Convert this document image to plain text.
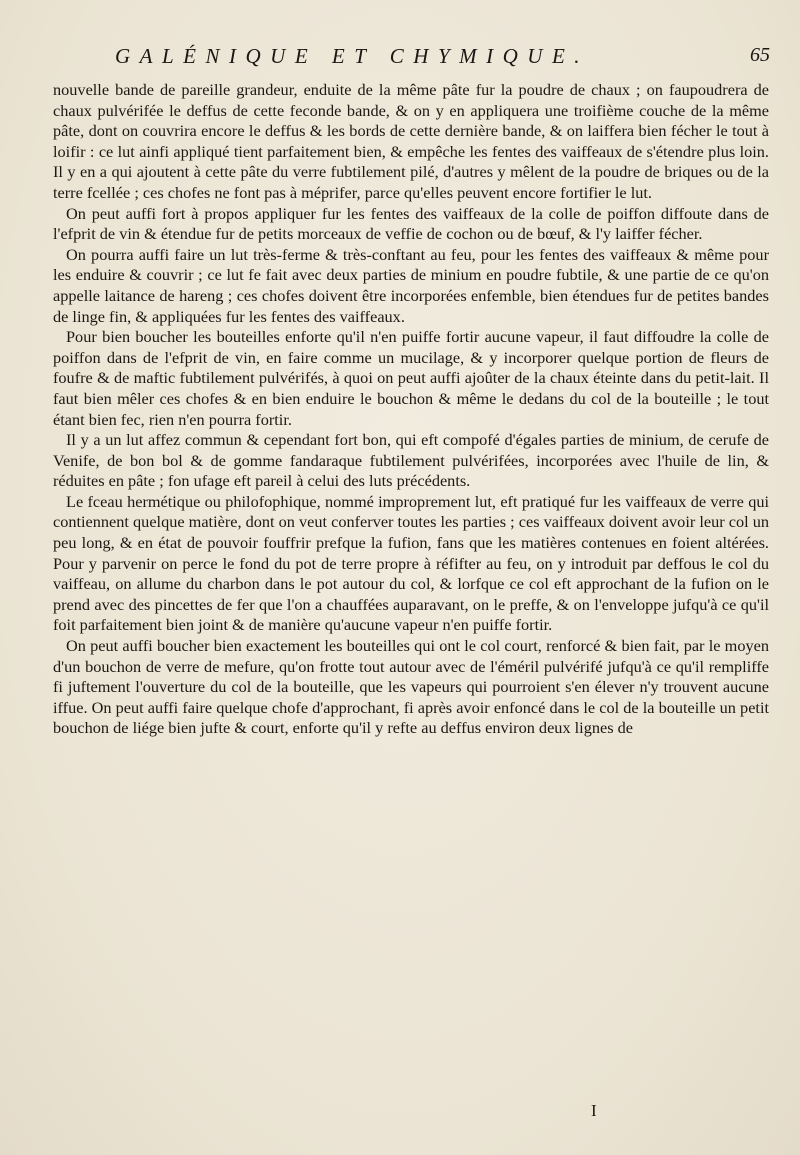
GALÉNIQUE ET CHYMIQUE.	65

nouvelle bande de pareille grandeur, enduite de la même pâte fur la poudre de chaux ; on faupoudrera de chaux pulvérifée le deffus de cette feconde bande, & on y en appliquera une troifième couche de la même pâte, dont on couvrira encore le deffus & les bords de cette dernière bande, & on laiffera bien fécher le tout à loifir : ce lut ainfi appliqué tient parfaitement bien, & empêche les fentes des vaiffeaux de s'étendre plus loin. Il y en a qui ajoutent à cette pâte du verre fubtilement pilé, d'autres y mêlent de la poudre de briques ou de la terre fcellée ; ces chofes ne font pas à méprifer, parce qu'elles peuvent encore fortifier le lut.

On peut auffi fort à propos appliquer fur les fentes des vaiffeaux de la colle de poiffon diffoute dans de l'efprit de vin & étendue fur de petits morceaux de veffie de cochon ou de bœuf, & l'y laiffer fécher.

On pourra auffi faire un lut très-ferme & très-conftant au feu, pour les fentes des vaiffeaux & même pour les enduire & couvrir ; ce lut fe fait avec deux parties de minium en poudre fubtile, & une partie de ce qu'on appelle laitance de hareng ; ces chofes doivent être incorporées enfemble, bien étendues fur de petites bandes de linge fin, & appliquées fur les fentes des vaiffeaux.

Pour bien boucher les bouteilles enforte qu'il n'en puiffe fortir aucune vapeur, il faut diffoudre la colle de poiffon dans de l'efprit de vin, en faire comme un mucilage, & y incorporer quelque portion de fleurs de foufre & de maftic fubtilement pulvérifés, à quoi on peut auffi ajoûter de la chaux éteinte dans du petit-lait. Il faut bien mêler ces chofes & en bien enduire le bouchon & même le dedans du col de la bouteille ; le tout étant bien fec, rien n'en pourra fortir.

Il y a un lut affez commun & cependant fort bon, qui eft compofé d'égales parties de minium, de cerufe de Venife, de bon bol & de gomme fandaraque fubtilement pulvérifées, incorporées avec l'huile de lin, & réduites en pâte ; fon ufage eft pareil à celui des luts précédents.

Le fceau hermétique ou philofophique, nommé improprement lut, eft pratiqué fur les vaiffeaux de verre qui contiennent quelque matière, dont on veut conferver toutes les parties ; ces vaiffeaux doivent avoir leur col un peu long, & en état de pouvoir fouffrir prefque la fufion, fans que les matières contenues en foient altérées. Pour y parvenir on perce le fond du pot de terre propre à réfifter au feu, on y introduit par deffous le col du vaiffeau, on allume du charbon dans le pot autour du col, & lorfque ce col eft approchant de la fufion on le prend avec des pincettes de fer que l'on a chauffées auparavant, on le preffe, & on l'enveloppe jufqu'à ce qu'il foit parfaitement bien joint & de manière qu'aucune vapeur n'en puiffe fortir.

On peut auffi boucher bien exactement les bouteilles qui ont le col court, renforcé & bien fait, par le moyen d'un bouchon de verre de mefure, qu'on frotte tout autour avec de l'éméril pulvérifé jufqu'à ce qu'il rempliffe fi juftement l'ouverture du col de la bouteille, que les vapeurs qui pourroient s'en élever n'y trouvent aucune iffue. On peut auffi faire quelque chofe d'approchant, fi après avoir enfoncé dans le col de la bouteille un petit bouchon de liége bien jufte & court, enforte qu'il y refte au deffus environ deux lignes de

I
